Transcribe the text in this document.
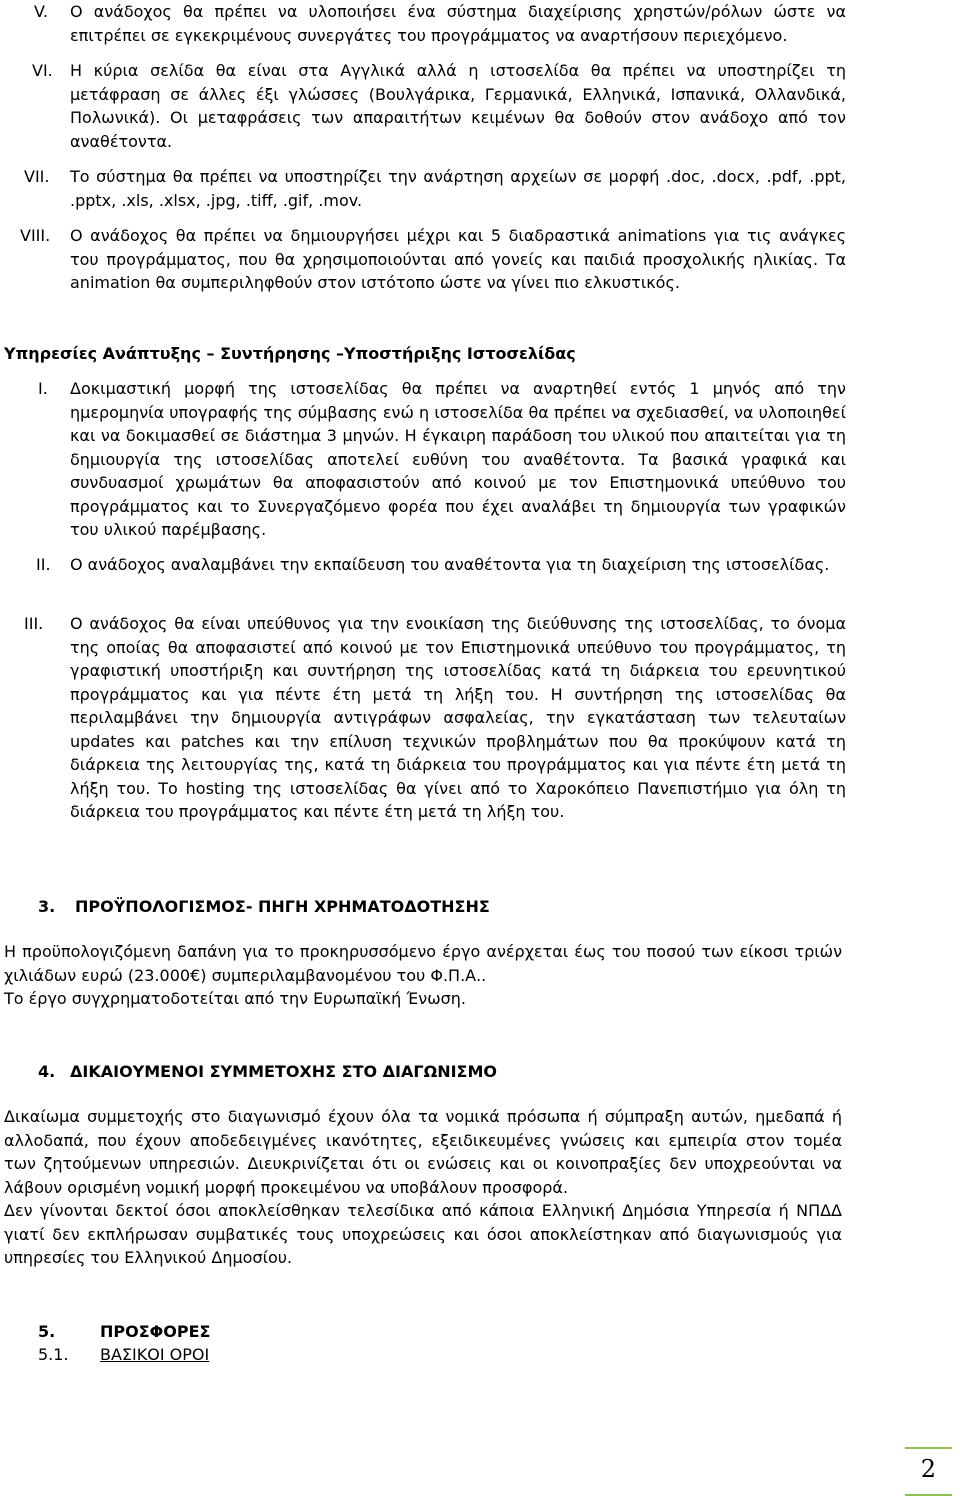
V. Ο ανάδοχος θα πρέπει να υλοποιήσει ένα σύστημα διαχείρισης χρηστών/ρόλων ώστε να επιτρέπει σε εγκεκριμένους συνεργάτες του προγράμματος να αναρτήσουν περιεχόμενο.

VI. Η κύρια σελίδα θα είναι στα Αγγλικά αλλά η ιστοσελίδα θα πρέπει να υποστηρίζει τη μετάφραση σε άλλες έξι γλώσσες (Βουλγάρικα, Γερμανικά, Ελληνικά, Ισπανικά, Ολλανδικά, Πολωνικά). Οι μεταφράσεις των απαραιτήτων κειμένων θα δοθούν στον ανάδοχο από τον αναθέτοντα.

VII. Το σύστημα θα πρέπει να υποστηρίζει την ανάρτηση αρχείων σε μορφή .doc, .docx, .pdf, .ppt, .pptx, .xls, .xlsx, .jpg, .tiff, .gif, .mov.

VIII. Ο ανάδοχος θα πρέπει να δημιουργήσει μέχρι και 5 διαδραστικά animations για τις ανάγκες του προγράμματος, που θα χρησιμοποιούνται από γονείς και παιδιά προσχολικής ηλικίας. Τα animation θα συμπεριληφθούν στον ιστότοπο ώστε να γίνει πιο ελκυστικός.

Υπηρεσίες Ανάπτυξης – Συντήρησης –Υποστήριξης Ιστοσελίδας

I. Δοκιμαστική μορφή της ιστοσελίδας θα πρέπει να αναρτηθεί εντός 1 μηνός από την ημερομηνία υπογραφής της σύμβασης ενώ η ιστοσελίδα θα πρέπει να σχεδιασθεί, να υλοποιηθεί και να δοκιμασθεί σε διάστημα 3 μηνών. Η έγκαιρη παράδοση του υλικού που απαιτείται για τη δημιουργία της ιστοσελίδας αποτελεί ευθύνη του αναθέτοντα. Τα βασικά γραφικά και συνδυασμοί χρωμάτων θα αποφασιστούν από κοινού με τον Επιστημονικά υπεύθυνο του προγράμματος και το Συνεργαζόμενο φορέα που έχει αναλάβει τη δημιουργία των γραφικών του υλικού παρέμβασης.

II. Ο ανάδοχος αναλαμβάνει την εκπαίδευση του αναθέτοντα για τη διαχείριση της ιστοσελίδας.

III. Ο ανάδοχος θα είναι υπεύθυνος για την ενοικίαση της διεύθυνσης της ιστοσελίδας, το όνομα της οποίας θα αποφασιστεί από κοινού με τον Επιστημονικά υπεύθυνο του προγράμματος, τη γραφιστική υποστήριξη και συντήρηση της ιστοσελίδας κατά τη διάρκεια του ερευνητικού προγράμματος και για πέντε έτη μετά τη λήξη του. Η συντήρηση της ιστοσελίδας θα περιλαμβάνει την δημιουργία αντιγράφων ασφαλείας, την εγκατάσταση των τελευταίων updates και patches και την επίλυση τεχνικών προβλημάτων που θα προκύψουν κατά τη διάρκεια της λειτουργίας της, κατά τη διάρκεια του προγράμματος και για πέντε έτη μετά τη λήξη του. Το hosting της ιστοσελίδας θα γίνει από το Χαροκόπειο Πανεπιστήμιο για όλη τη διάρκεια του προγράμματος και πέντε έτη μετά τη λήξη του.

3. ΠΡΟΫΠΟΛΟΓΙΣΜΟΣ- ΠΗΓΗ ΧΡΗΜΑΤΟΔΟΤΗΣΗΣ

Η προϋπολογιζόμενη δαπάνη για το προκηρυσσόμενο έργο ανέρχεται έως του ποσού των είκοσι τριών χιλιάδων ευρώ (23.000€) συμπεριλαμβανομένου του Φ.Π.Α..

Το έργο συγχρηματοδοτείται από την Ευρωπαϊκή Ένωση.

4. ΔΙΚΑΙΟΥΜΕΝΟΙ ΣΥΜΜΕΤΟΧΗΣ ΣΤΟ ΔΙΑΓΩΝΙΣΜΟ

Δικαίωμα συμμετοχής στο διαγωνισμό έχουν όλα τα νομικά πρόσωπα ή σύμπραξη αυτών, ημεδαπά ή αλλοδαπά, που έχουν αποδεδειγμένες ικανότητες, εξειδικευμένες γνώσεις και εμπειρία στον τομέα των ζητούμενων υπηρεσιών. Διευκρινίζεται ότι οι ενώσεις και οι κοινοπραξίες δεν υποχρεούνται να λάβουν ορισμένη νομική μορφή προκειμένου να υποβάλουν προσφορά.

Δεν γίνονται δεκτοί όσοι αποκλείσθηκαν τελεσίδικα από κάποια Ελληνική Δημόσια Υπηρεσία ή ΝΠΔΔ γιατί δεν εκπλήρωσαν συμβατικές τους υποχρεώσεις και όσοι αποκλείστηκαν από διαγωνισμούς για υπηρεσίες του Ελληνικού Δημοσίου.

5.	ΠΡΟΣΦΟΡΕΣ

5.1. ΒΑΣΙΚΟΙ ΟΡΟΙ

2
